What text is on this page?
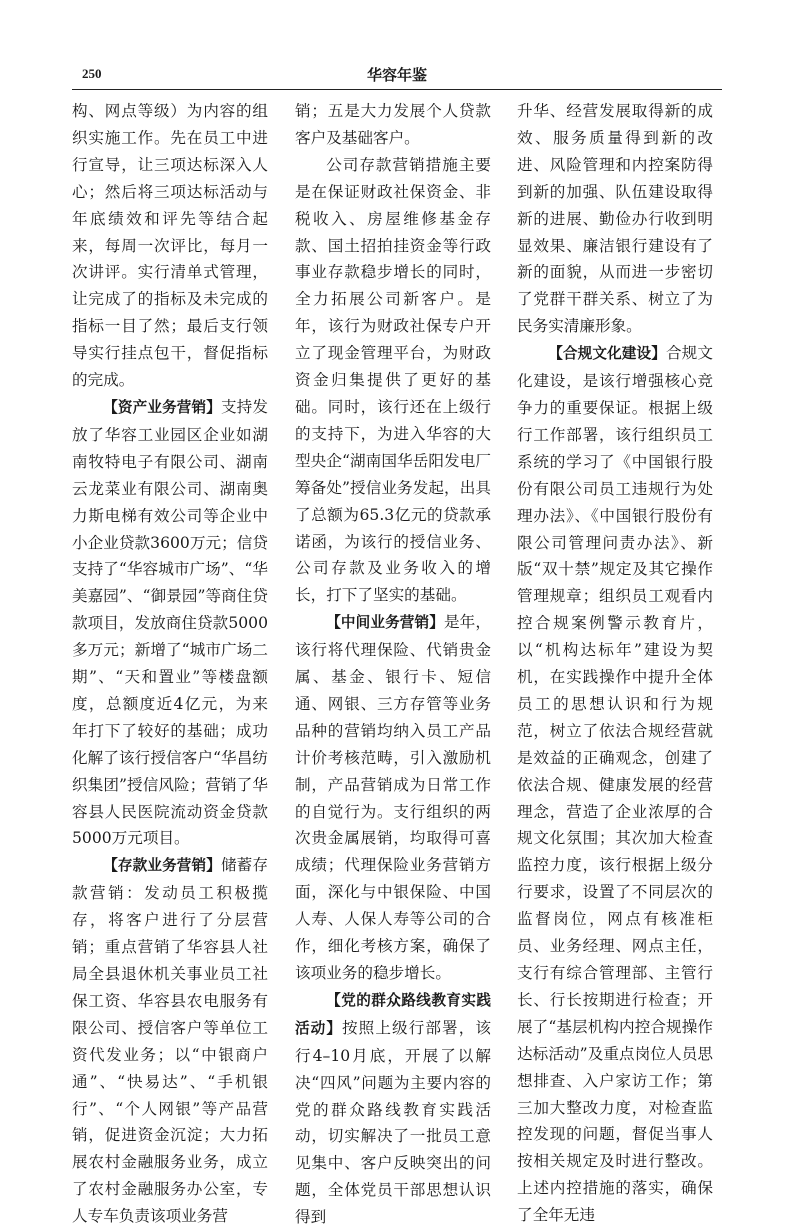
250	华容年鉴

构、网点等级）为内容的组织实施工作。先在员工中进行宣导，让三项达标深入人心；然后将三项达标活动与年底绩效和评先等结合起来，每周一次评比，每月一次讲评。实行清单式管理，让完成了的指标及未完成的指标一目了然；最后支行领导实行挂点包干，督促指标的完成。

【资产业务营销】支持发放了华容工业园区企业如湖南牧特电子有限公司、湖南云龙菜业有限公司、湖南奥力斯电梯有效公司等企业中小企业贷款3600万元；信贷支持了“华容城市广场”、“华美嘉园”、“御景园”等商住贷款项目，发放商住贷款5000多万元；新增了“城市广场二期”、“天和置业”等楼盘额度，总额度近4亿元，为来年打下了较好的基础；成功化解了该行授信客户“华昌纺织集团”授信风险；营销了华容县人民医院流动资金贷款5000万元项目。

【存款业务营销】储蓄存款营销：发动员工积极揽存，将客户进行了分层营销；重点营销了华容县人社局全县退休机关事业员工社保工资、华容县农电服务有限公司、授信客户等单位工资代发业务；以“中银商户通”、“快易达”、“手机银行”、“个人网银”等产品营销，促进资金沉淀；大力拓展农村金融服务业务，成立了农村金融服务办公室，专人专车负责该项业务营

销；五是大力发展个人贷款客户及基础客户。

公司存款营销措施主要是在保证财政社保资金、非税收入、房屋维修基金存款、国土招拍挂资金等行政事业存款稳步增长的同时，全力拓展公司新客户。是年，该行为财政社保专户开立了现金管理平台，为财政资金归集提供了更好的基础。同时，该行还在上级行的支持下，为进入华容的大型央企“湖南国华岳阳发电厂筹备处”授信业务发起，出具了总额为65.3亿元的贷款承诺函，为该行的授信业务、公司存款及业务收入的增长，打下了坚实的基础。

【中间业务营销】是年，该行将代理保险、代销贵金属、基金、银行卡、短信通、网银、三方存管等业务品种的营销均纳入员工产品计价考核范畴，引入激励机制，产品营销成为日常工作的自觉行为。支行组织的两次贵金属展销，均取得可喜成绩；代理保险业务营销方面，深化与中银保险、中国人寿、人保人寿等公司的合作，细化考核方案，确保了该项业务的稳步增长。

【党的群众路线教育实践活动】按照上级行部署，该行4–10月底，开展了以解决“四风”问题为主要内容的党的群众路线教育实践活动，切实解决了一批员工意见集中、客户反映突出的问题，全体党员干部思想认识得到

升华、经营发展取得新的成效、服务质量得到新的改进、风险管理和内控案防得到新的加强、队伍建设取得新的进展、勤俭办行收到明显效果、廉洁银行建设有了新的面貌，从而进一步密切了党群干群关系、树立了为民务实清廉形象。

【合规文化建设】合规文化建设，是该行增强核心竞争力的重要保证。根据上级行工作部署，该行组织员工系统的学习了《中国银行股份有限公司员工违规行为处理办法》、《中国银行股份有限公司管理问责办法》、新版“双十禁”规定及其它操作管理规章；组织员工观看内控合规案例警示教育片，以“机构达标年”建设为契机，在实践操作中提升全体员工的思想认识和行为规范，树立了依法合规经营就是效益的正确观念，创建了依法合规、健康发展的经营理念，营造了企业浓厚的合规文化氛围；其次加大检查监控力度，该行根据上级分行要求，设置了不同层次的监督岗位，网点有核准柜员、业务经理、网点主任，支行有综合管理部、主管行长、行长按期进行检查；开展了“基层机构内控合规操作达标活动”及重点岗位人员思想排查、入户家访工作；第三加大整改力度，对检查监控发现的问题，督促当事人按相关规定及时进行整改。上述内控措施的落实，确保了全年无违
